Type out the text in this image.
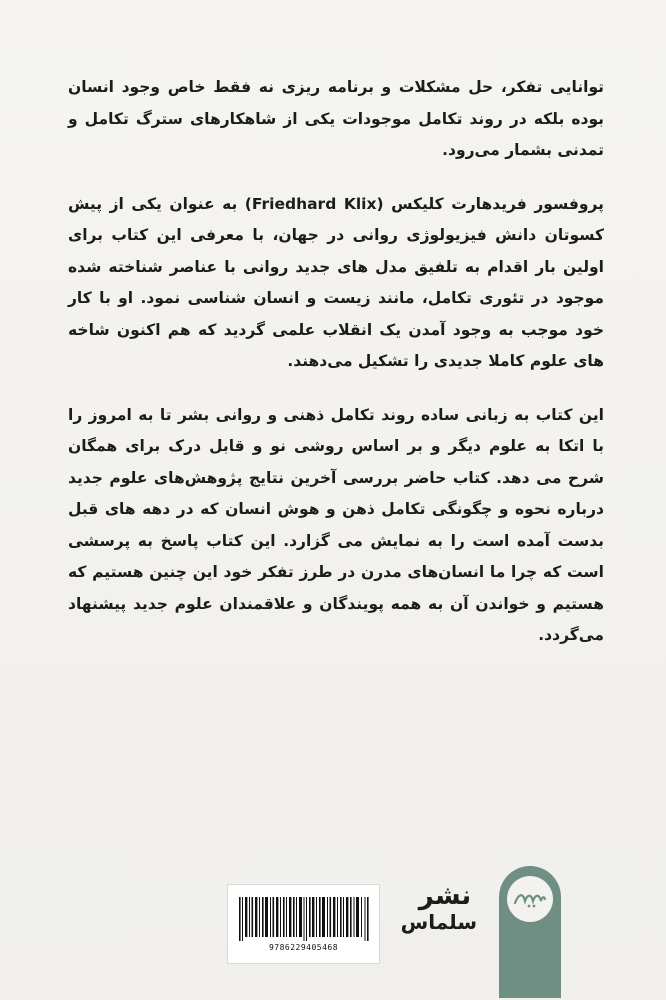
توانایی تفکر، حل مشکلات و برنامه ریزی نه فقط خاص وجود انسان بوده بلکه در روند تکامل موجودات یکی از شاهکارهای سترگ تکامل و تمدنی بشمار می‌رود.

پروفسور فریدهارت کلیکس (Friedhard Klix) به عنوان یکی از پیش کسوتان دانش فیزیولوژی روانی در جهان، با معرفی این کتاب برای اولین بار اقدام به تلفیق مدل های جدید روانی با عناصر شناخته شده موجود در تئوری تکامل، مانند زیست و انسان شناسی نمود. او با کار خود موجب به وجود آمدن یک انقلاب علمی گردید که هم اکنون شاخه های علوم کاملا جدیدی را تشکیل می‌دهند.

این کتاب به زبانی ساده روند تکامل ذهنی و روانی بشر تا به امروز را با اتکا به علوم دیگر و بر اساس روشی نو و قابل درک برای همگان شرح می دهد. کتاب حاضر بررسی آخرین نتایج پژوهش‌های علوم جدید درباره نحوه و چگونگی تکامل ذهن و هوش انسان که در دهه های قبل بدست آمده است را به نمایش می گزارد. این کتاب پاسخ به پرسشی است که چرا ما انسان‌های مدرن در طرز تفکر خود این چنین هستیم که هستیم و خواندن آن به همه پویندگان و علاقمندان علوم جدید پیشنهاد می‌گردد.

9786229405468
نشر
سلماس
